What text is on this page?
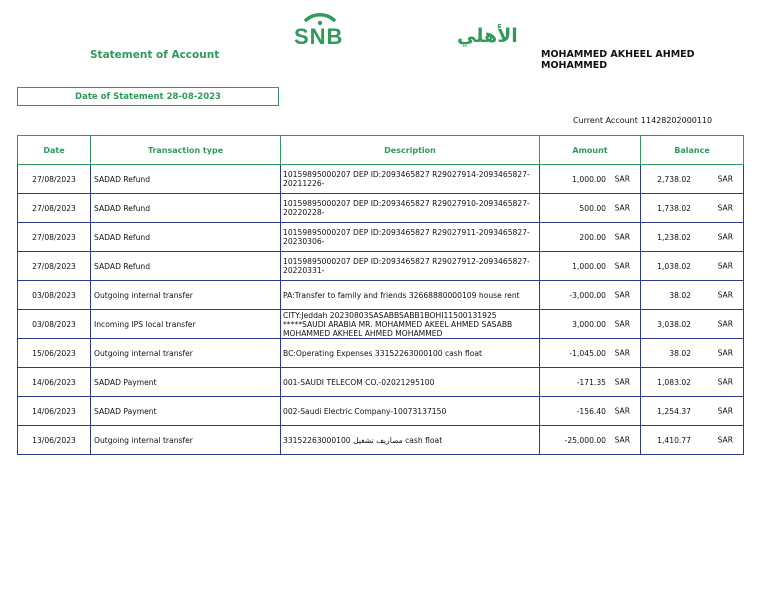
SNB	الأهلي
Statement of Account	MOHAMMED AKHEEL AHMED MOHAMMED
Date of Statement 28-08-2023
Current Account 11428202000110
Date	Transaction type	Description	Amount	Balance
27/08/2023	SADAD Refund	10159895000207 DEP ID:2093465827 R29027914-2093465827-20211226-	1,000.00 SAR	2,738.02 SAR

27/08/2023	SADAD Refund	10159895000207 DEP ID:2093465827 R29027910-2093465827-20220228-	500.00 SAR	1,738.02 SAR

27/08/2023	SADAD Refund	10159895000207 DEP ID:2093465827 R29027911-2093465827-20230306-	200.00 SAR	1,238.02 SAR

27/08/2023	SADAD Refund	10159895000207 DEP ID:2093465827 R29027912-2093465827-20220331-	1,000.00 SAR	1,038.02 SAR

03/08/2023	Outgoing internal transfer	PA:Transfer to family and friends 32668880000109 house rent	-3,000.00 SAR	38.02 SAR

03/08/2023	Incoming IPS local transfer	CITY:Jeddah 20230803SASABBSABB1BOHI11500131925 *****SAUDI ARABIA MR. MOHAMMED AKEEL AHMED SASABB MOHAMMED AKHEEL AHMED MOHAMMED	3,000.00 SAR	3,038.02 SAR

15/06/2023	Outgoing internal transfer	BC:Operating Expenses 33152263000100 cash float	-1,045.00 SAR	38.02 SAR

14/06/2023	SADAD Payment	001-SAUDI TELECOM CO.-02021295100	-171.35 SAR	1,083.02 SAR

14/06/2023	SADAD Payment	002-Saudi Electric Company-10073137150	-156.40 SAR	1,254.37 SAR

13/06/2023	Outgoing internal transfer	33152263000100 مصاريف تشغيل cash float	-25,000.00 SAR	1,410.77 SAR
